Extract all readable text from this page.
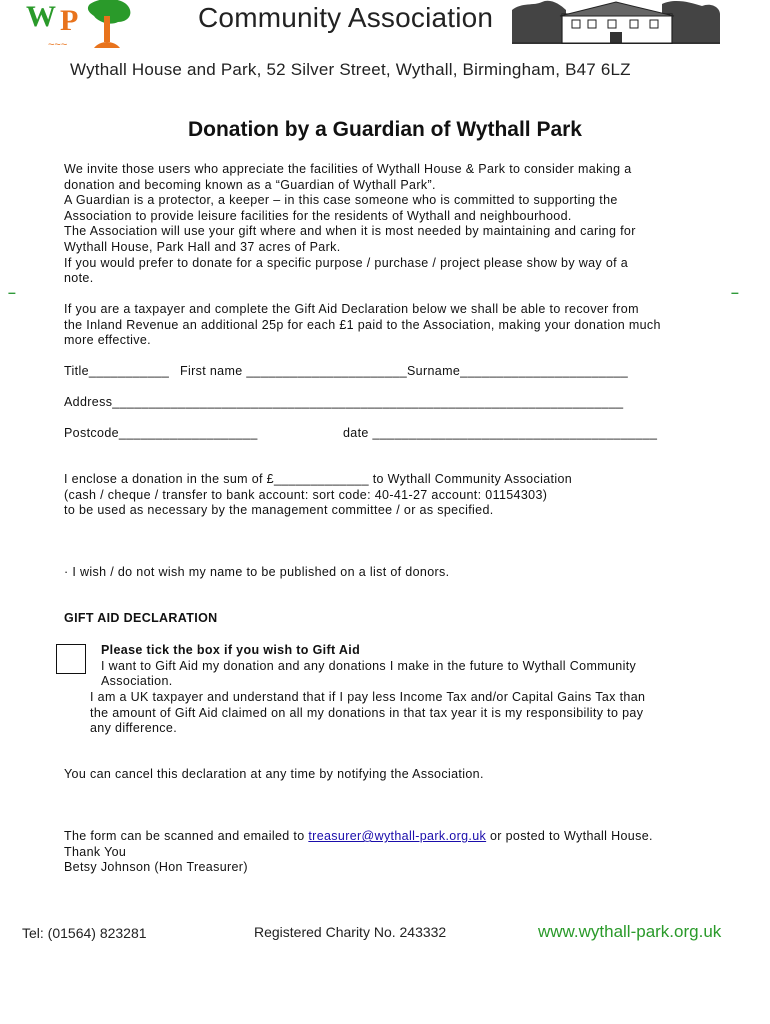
W P
~~~
Community Association
Wythall House and Park, 52 Silver Street, Wythall, Birmingham, B47 6LZ
Donation by a Guardian of Wythall Park
We invite those users who appreciate the facilities of Wythall House & Park to consider making a
donation and becoming known as a “Guardian of Wythall Park”.
A Guardian is a protector, a keeper – in this case someone who is committed to supporting the
Association to provide leisure facilities for the residents of Wythall and neighbourhood.
The Association will use your gift where and when it is most needed by maintaining and caring for
Wythall House, Park Hall and 37 acres of Park.
If you would prefer to donate for a specific purpose / purchase / project please show by way of a
note.
–	–
If you are a taxpayer and complete the Gift Aid Declaration below we shall be able to recover from
the Inland Revenue an additional 25p for each £1 paid to the Association, making your donation much
more effective.
Title___________ First name ______________________ Surname_______________________
Address______________________________________________________________________
Postcode___________________	date _______________________________________
I enclose a donation in the sum of £_____________ to Wythall Community Association
(cash / cheque / transfer to bank account: sort code: 40-41-27 account: 01154303)
to be used as necessary by the management committee / or as specified.
· I wish / do not wish my name to be published on a list of donors.
GIFT AID DECLARATION
Please tick the box if you wish to Gift Aid
I want to Gift Aid my donation and any donations I make in the future to Wythall Community
Association.
I am a UK taxpayer and understand that if I pay less Income Tax and/or Capital Gains Tax than
the amount of Gift Aid claimed on all my donations in that tax year it is my responsibility to pay
any difference.
You can cancel this declaration at any time by notifying the Association.
The form can be scanned and emailed to treasurer@wythall-park.org.uk or posted to Wythall House.
Thank You
Betsy Johnson (Hon Treasurer)
Tel: (01564) 823281	Registered Charity No. 243332	www.wythall-park.org.uk
